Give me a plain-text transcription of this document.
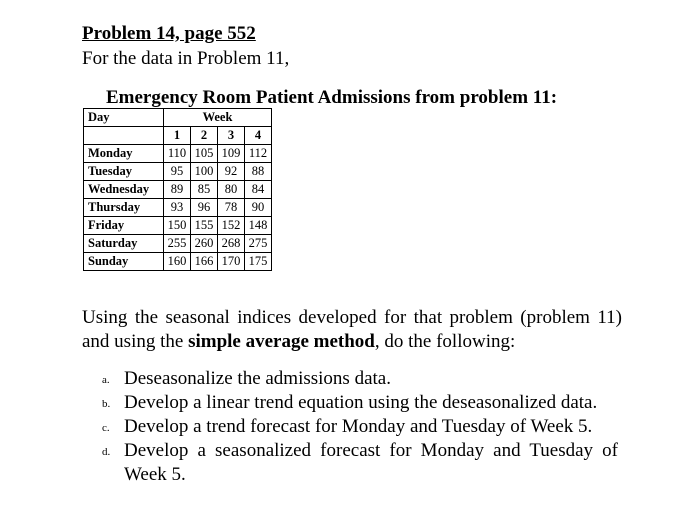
Problem 14, page 552
For the data in Problem 11,
Emergency Room Patient Admissions from problem 11:
Day	Week			
	1	2	3	4
Monday	110	105	109	112
Tuesday	95	100	92	88
Wednesday	89	85	80	84
Thursday	93	96	78	90
Friday	150	155	152	148
Saturday	255	260	268	275
Sunday	160	166	170	175
Using the seasonal indices developed for that problem (problem 11) and using the simple average method, do the following:
a. Deseasonalize the admissions data.
b. Develop a linear trend equation using the deseasonalized data.
c. Develop a trend forecast for Monday and Tuesday of Week 5.
d. Develop a seasonalized forecast for Monday and Tuesday of Week 5.
